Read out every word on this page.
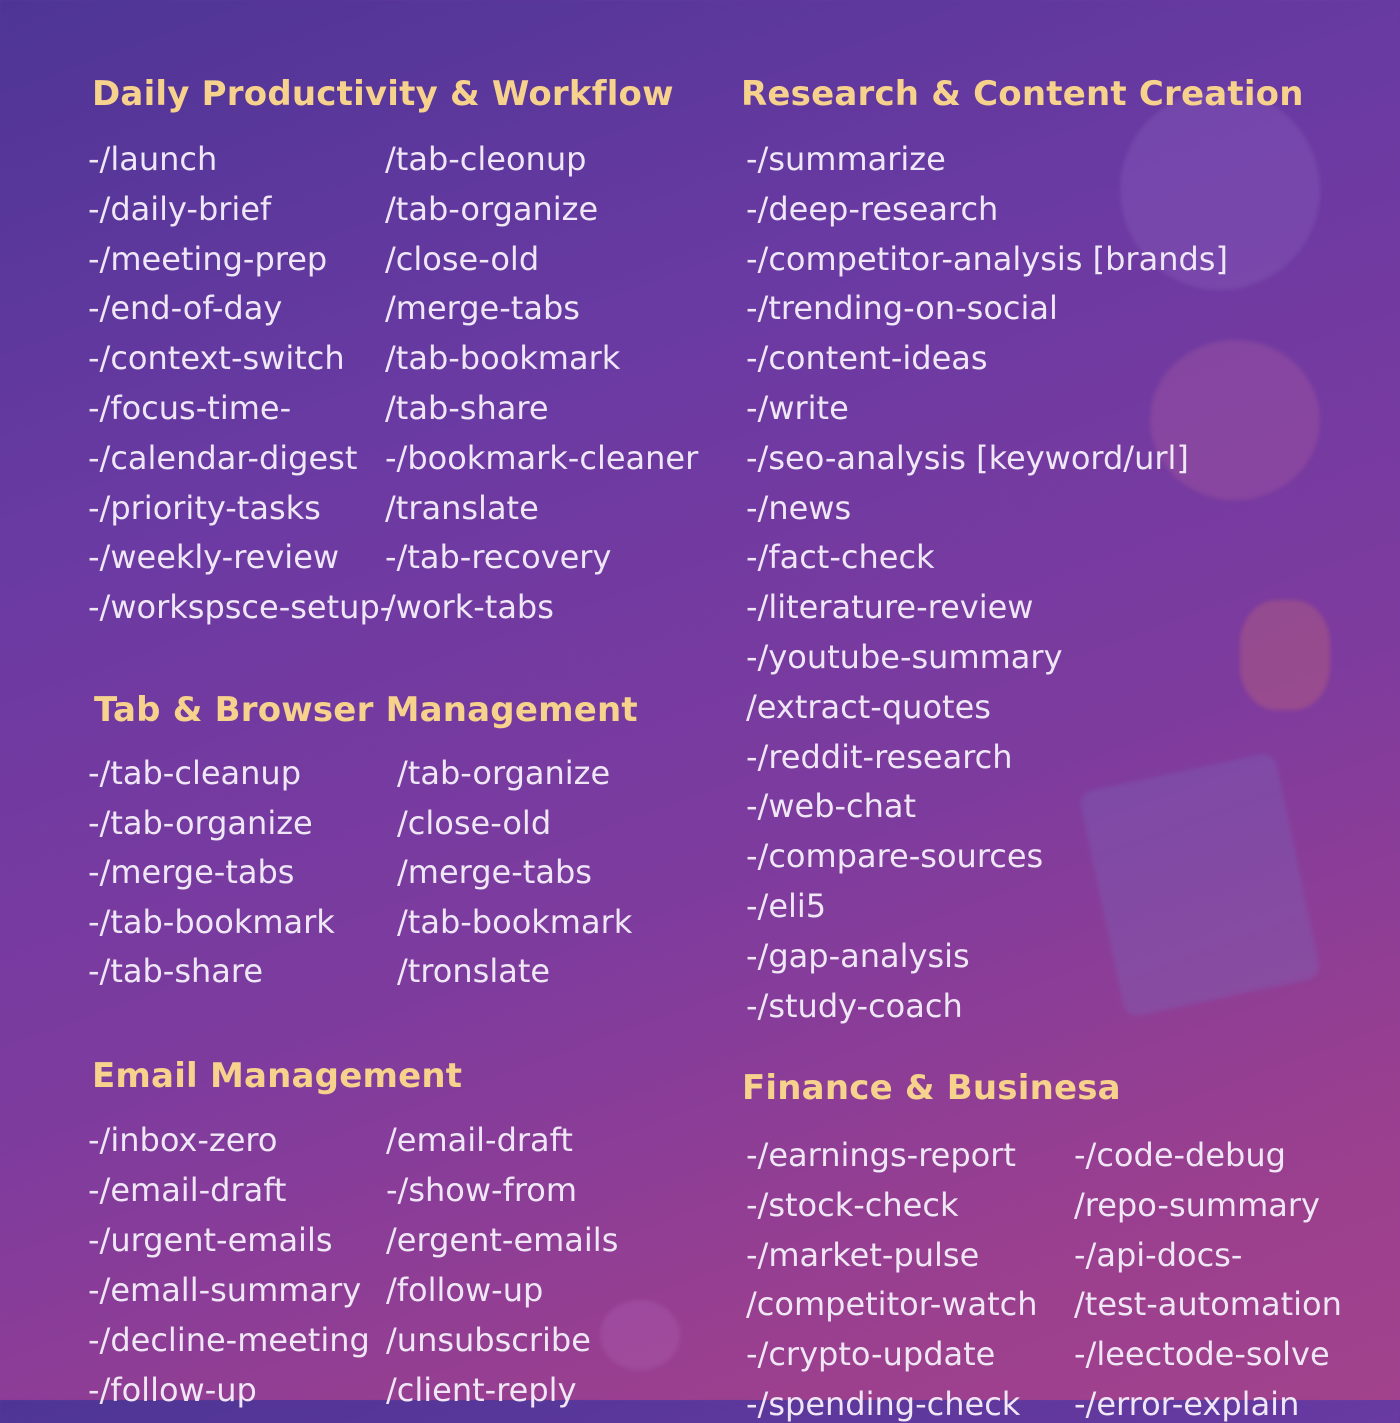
Daily Productivity & Workflow
Tab & Browser Management
Email Management
Research & Content Creation
Finance & Businesa
-/launch
-/daily-brief
-/meeting-prep
-/end-of-day
-/context-switch
-/focus-time-
-/calendar-digest
-/priority-tasks
-/weekly-review
-/workspsce-setup-
/tab-cleonup
/tab-organize
/close-old
/merge-tabs
/tab-bookmark
/tab-share
-/bookmark-cleaner
/translate
-/tab-recovery
/work-tabs
-/tab-cleanup
-/tab-organize
-/merge-tabs
-/tab-bookmark
-/tab-share
/tab-organize
/close-old
/merge-tabs
/tab-bookmark
/tronslate
-/inbox-zero
-/email-draft
-/urgent-emails
-/emall-summary
-/decline-meeting
-/follow-up
/email-draft
-/show-from
/ergent-emails
/follow-up
/unsubscribe
/client-reply
-/summarize
-/deep-research
-/competitor-analysis [brands]
-/trending-on-social
-/content-ideas
-/write
-/seo-analysis [keyword/url]
-/news
-/fact-check
-/literature-review
-/youtube-summary
/extract-quotes
-/reddit-research
-/web-chat
-/compare-sources
-/eli5
-/gap-analysis
-/study-coach
-/earnings-report
-/stock-check
-/market-pulse
/competitor-watch
-/crypto-update
-/spending-check
-/code-debug
/repo-summary
-/api-docs-
/test-automation
-/leectode-solve
-/error-explain
